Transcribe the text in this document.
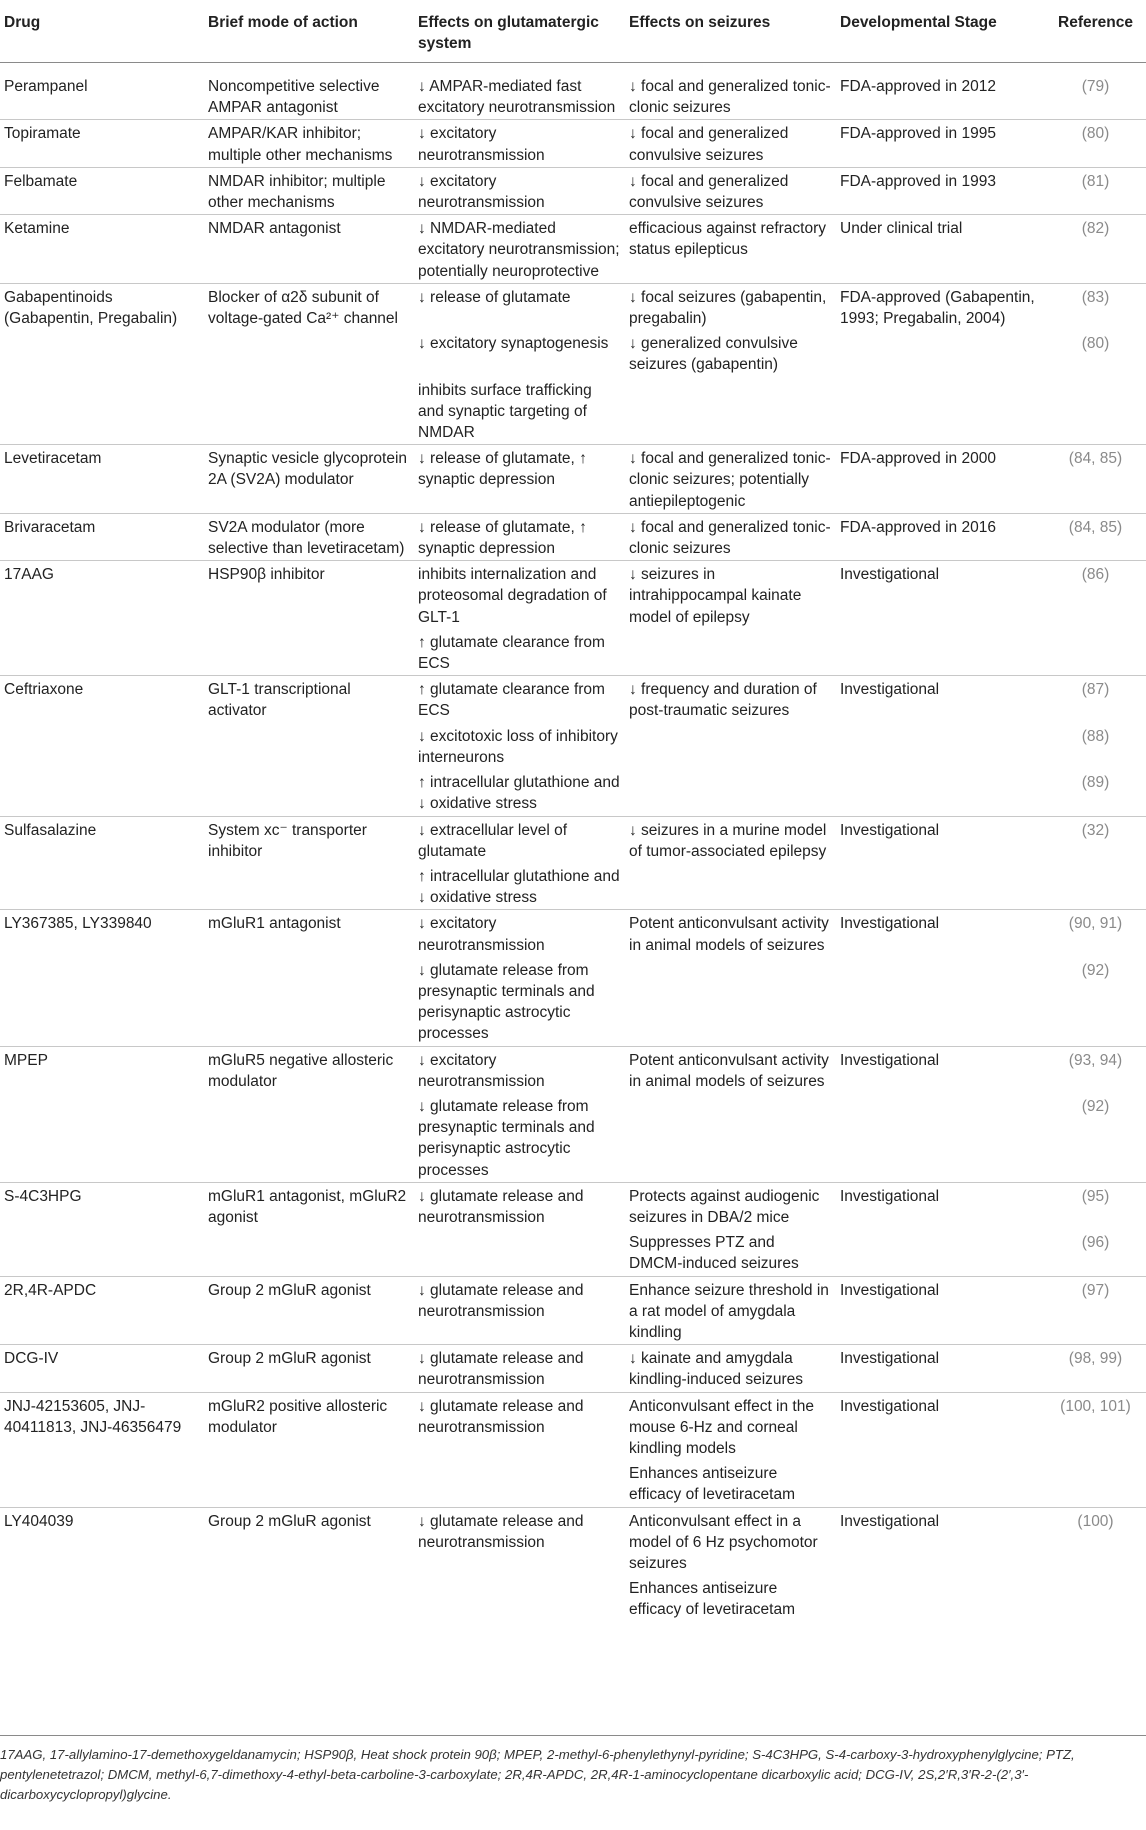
Drug	Brief mode of action	Effects on glutamatergic system	Effects on seizures	Developmental Stage	Reference
Perampanel	Noncompetitive selective AMPAR antagonist	↓ AMPAR-mediated fast excitatory neurotransmission	↓ focal and generalized tonic-clonic seizures	FDA-approved in 2012	(79)
Topiramate	AMPAR/KAR inhibitor; multiple other mechanisms	↓ excitatory neurotransmission	↓ focal and generalized convulsive seizures	FDA-approved in 1995	(80)
Felbamate	NMDAR inhibitor; multiple other mechanisms	↓ excitatory neurotransmission	↓ focal and generalized convulsive seizures	FDA-approved in 1993	(81)
Ketamine	NMDAR antagonist	↓ NMDAR-mediated excitatory neurotransmission; potentially neuroprotective	efficacious against refractory status epilepticus	Under clinical trial	(82)
Gabapentinoids (Gabapentin, Pregabalin)	Blocker of α2δ subunit of voltage-gated Ca²⁺ channel	↓ release of glutamate	↓ focal seizures (gabapentin, pregabalin)	FDA-approved (Gabapentin, 1993; Pregabalin, 2004)	(83)
		↓ excitatory synaptogenesis	↓ generalized convulsive seizures (gabapentin)		(80)
		inhibits surface trafficking and synaptic targeting of NMDAR			
Levetiracetam	Synaptic vesicle glycoprotein 2A (SV2A) modulator	↓ release of glutamate, ↑ synaptic depression	↓ focal and generalized tonic-clonic seizures; potentially antiepileptogenic	FDA-approved in 2000	(84, 85)
Brivaracetam	SV2A modulator (more selective than levetiracetam)	↓ release of glutamate, ↑ synaptic depression	↓ focal and generalized tonic-clonic seizures	FDA-approved in 2016	(84, 85)
17AAG	HSP90β inhibitor	inhibits internalization and proteosomal degradation of GLT-1	↓ seizures in intrahippocampal kainate model of epilepsy	Investigational	(86)
		↑ glutamate clearance from ECS			
Ceftriaxone	GLT-1 transcriptional activator	↑ glutamate clearance from ECS	↓ frequency and duration of post-traumatic seizures	Investigational	(87)
		↓ excitotoxic loss of inhibitory interneurons			(88)
		↑ intracellular glutathione and ↓ oxidative stress			(89)
Sulfasalazine	System xc⁻ transporter inhibitor	↓ extracellular level of glutamate	↓ seizures in a murine model of tumor-associated epilepsy	Investigational	(32)
		↑ intracellular glutathione and ↓ oxidative stress			
LY367385, LY339840	mGluR1 antagonist	↓ excitatory neurotransmission	Potent anticonvulsant activity in animal models of seizures	Investigational	(90, 91)
		↓ glutamate release from presynaptic terminals and perisynaptic astrocytic processes			(92)
MPEP	mGluR5 negative allosteric modulator	↓ excitatory neurotransmission	Potent anticonvulsant activity in animal models of seizures	Investigational	(93, 94)
		↓ glutamate release from presynaptic terminals and perisynaptic astrocytic processes			(92)
S-4C3HPG	mGluR1 antagonist, mGluR2 agonist	↓ glutamate release and neurotransmission	Protects against audiogenic seizures in DBA/2 mice	Investigational	(95)
			Suppresses PTZ and DMCM-induced seizures		(96)
2R,4R-APDC	Group 2 mGluR agonist	↓ glutamate release and neurotransmission	Enhance seizure threshold in a rat model of amygdala kindling	Investigational	(97)
DCG-IV	Group 2 mGluR agonist	↓ glutamate release and neurotransmission	↓ kainate and amygdala kindling-induced seizures	Investigational	(98, 99)
JNJ-42153605, JNJ-40411813, JNJ-46356479	mGluR2 positive allosteric modulator	↓ glutamate release and neurotransmission	Anticonvulsant effect in the mouse 6-Hz and corneal kindling models	Investigational	(100, 101)
			Enhances antiseizure efficacy of levetiracetam		
LY404039	Group 2 mGluR agonist	↓ glutamate release and neurotransmission	Anticonvulsant effect in a model of 6 Hz psychomotor seizures	Investigational	(100)
			Enhances antiseizure efficacy of levetiracetam		
17AAG, 17-allylamino-17-demethoxygeldanamycin; HSP90β, Heat shock protein 90β; MPEP, 2-methyl-6-phenylethynyl-pyridine; S-4C3HPG, S-4-carboxy-3-hydroxyphenylglycine; PTZ, pentylenetetrazol; DMCM, methyl-6,7-dimethoxy-4-ethyl-beta-carboline-3-carboxylate; 2R,4R-APDC, 2R,4R-1-aminocyclopentane dicarboxylic acid; DCG-IV, 2S,2′R,3′R-2-(2′,3′-dicarboxycyclopropyl)glycine.
